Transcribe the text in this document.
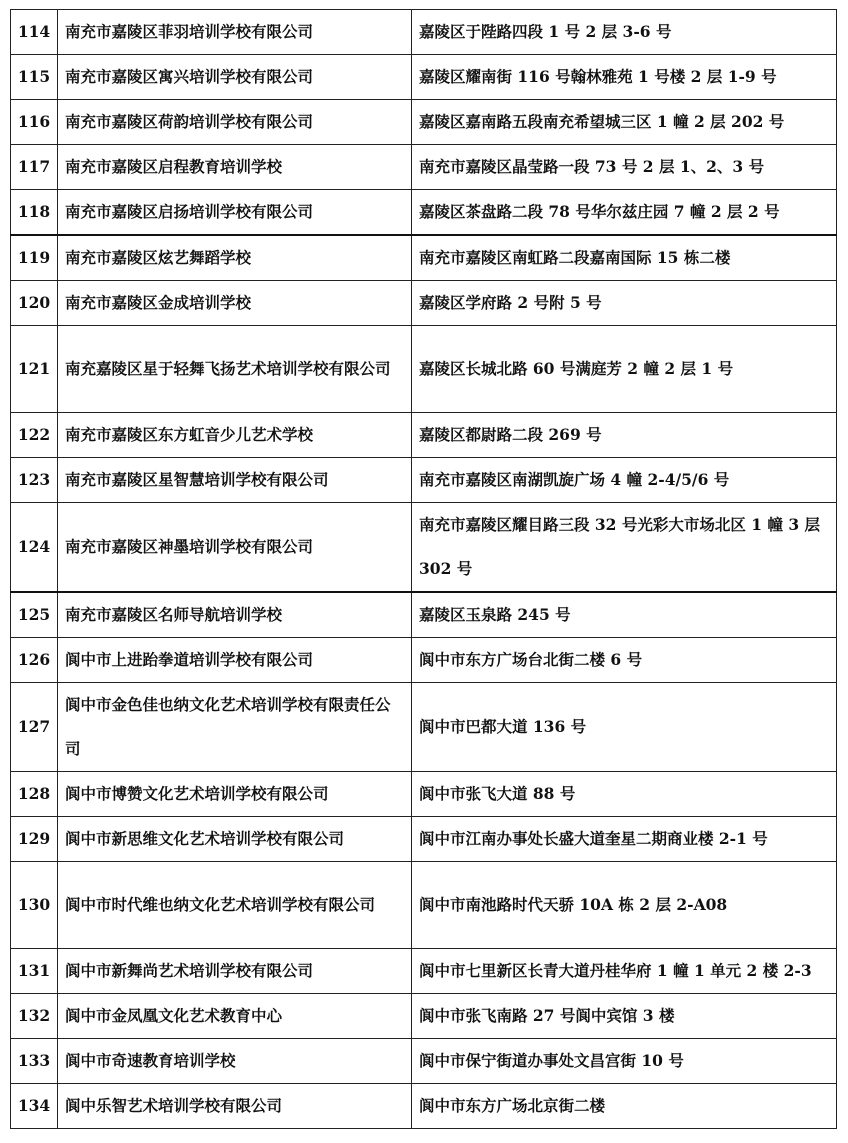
114	南充市嘉陵区菲羽培训学校有限公司	嘉陵区于陛路四段 1 号 2 层 3-6 号
115	南充市嘉陵区寓兴培训学校有限公司	嘉陵区耀南街 116 号翰林雅苑 1 号楼 2 层 1-9 号
116	南充市嘉陵区荷韵培训学校有限公司	嘉陵区嘉南路五段南充希望城三区 1 幢 2 层 202 号
117	南充市嘉陵区启程教育培训学校	南充市嘉陵区晶莹路一段 73 号 2 层 1、2、3 号
118	南充市嘉陵区启扬培训学校有限公司	嘉陵区茶盘路二段 78 号华尔兹庄园 7 幢 2 层 2 号
119	南充市嘉陵区炫艺舞蹈学校	南充市嘉陵区南虹路二段嘉南国际 15 栋二楼
120	南充市嘉陵区金成培训学校	嘉陵区学府路 2 号附 5 号
121	南充嘉陵区星于轻舞飞扬艺术培训学校有限公司	嘉陵区长城北路 60 号满庭芳 2 幢 2 层 1 号
122	南充市嘉陵区东方虹音少儿艺术学校	嘉陵区都尉路二段 269 号
123	南充市嘉陵区星智慧培训学校有限公司	南充市嘉陵区南湖凯旋广场 4 幢 2-4/5/6 号
124	南充市嘉陵区神墨培训学校有限公司	南充市嘉陵区耀目路三段 32 号光彩大市场北区 1 幢 3 层 302 号
125	南充市嘉陵区名师导航培训学校	嘉陵区玉泉路 245 号
126	阆中市上进跆拳道培训学校有限公司	阆中市东方广场台北街二楼 6 号
127	阆中市金色佳也纳文化艺术培训学校有限责任公司	阆中市巴都大道 136 号
128	阆中市博赞文化艺术培训学校有限公司	阆中市张飞大道 88 号
129	阆中市新思维文化艺术培训学校有限公司	阆中市江南办事处长盛大道奎星二期商业楼 2-1 号
130	阆中市时代维也纳文化艺术培训学校有限公司	阆中市南池路时代天骄 10A 栋 2 层 2-A08
131	阆中市新舞尚艺术培训学校有限公司	阆中市七里新区长青大道丹桂华府 1 幢 1 单元 2 楼 2-3
132	阆中市金凤凰文化艺术教育中心	阆中市张飞南路 27 号阆中宾馆 3 楼
133	阆中市奇速教育培训学校	阆中市保宁街道办事处文昌宫街 10 号
134	阆中乐智艺术培训学校有限公司	阆中市东方广场北京街二楼
